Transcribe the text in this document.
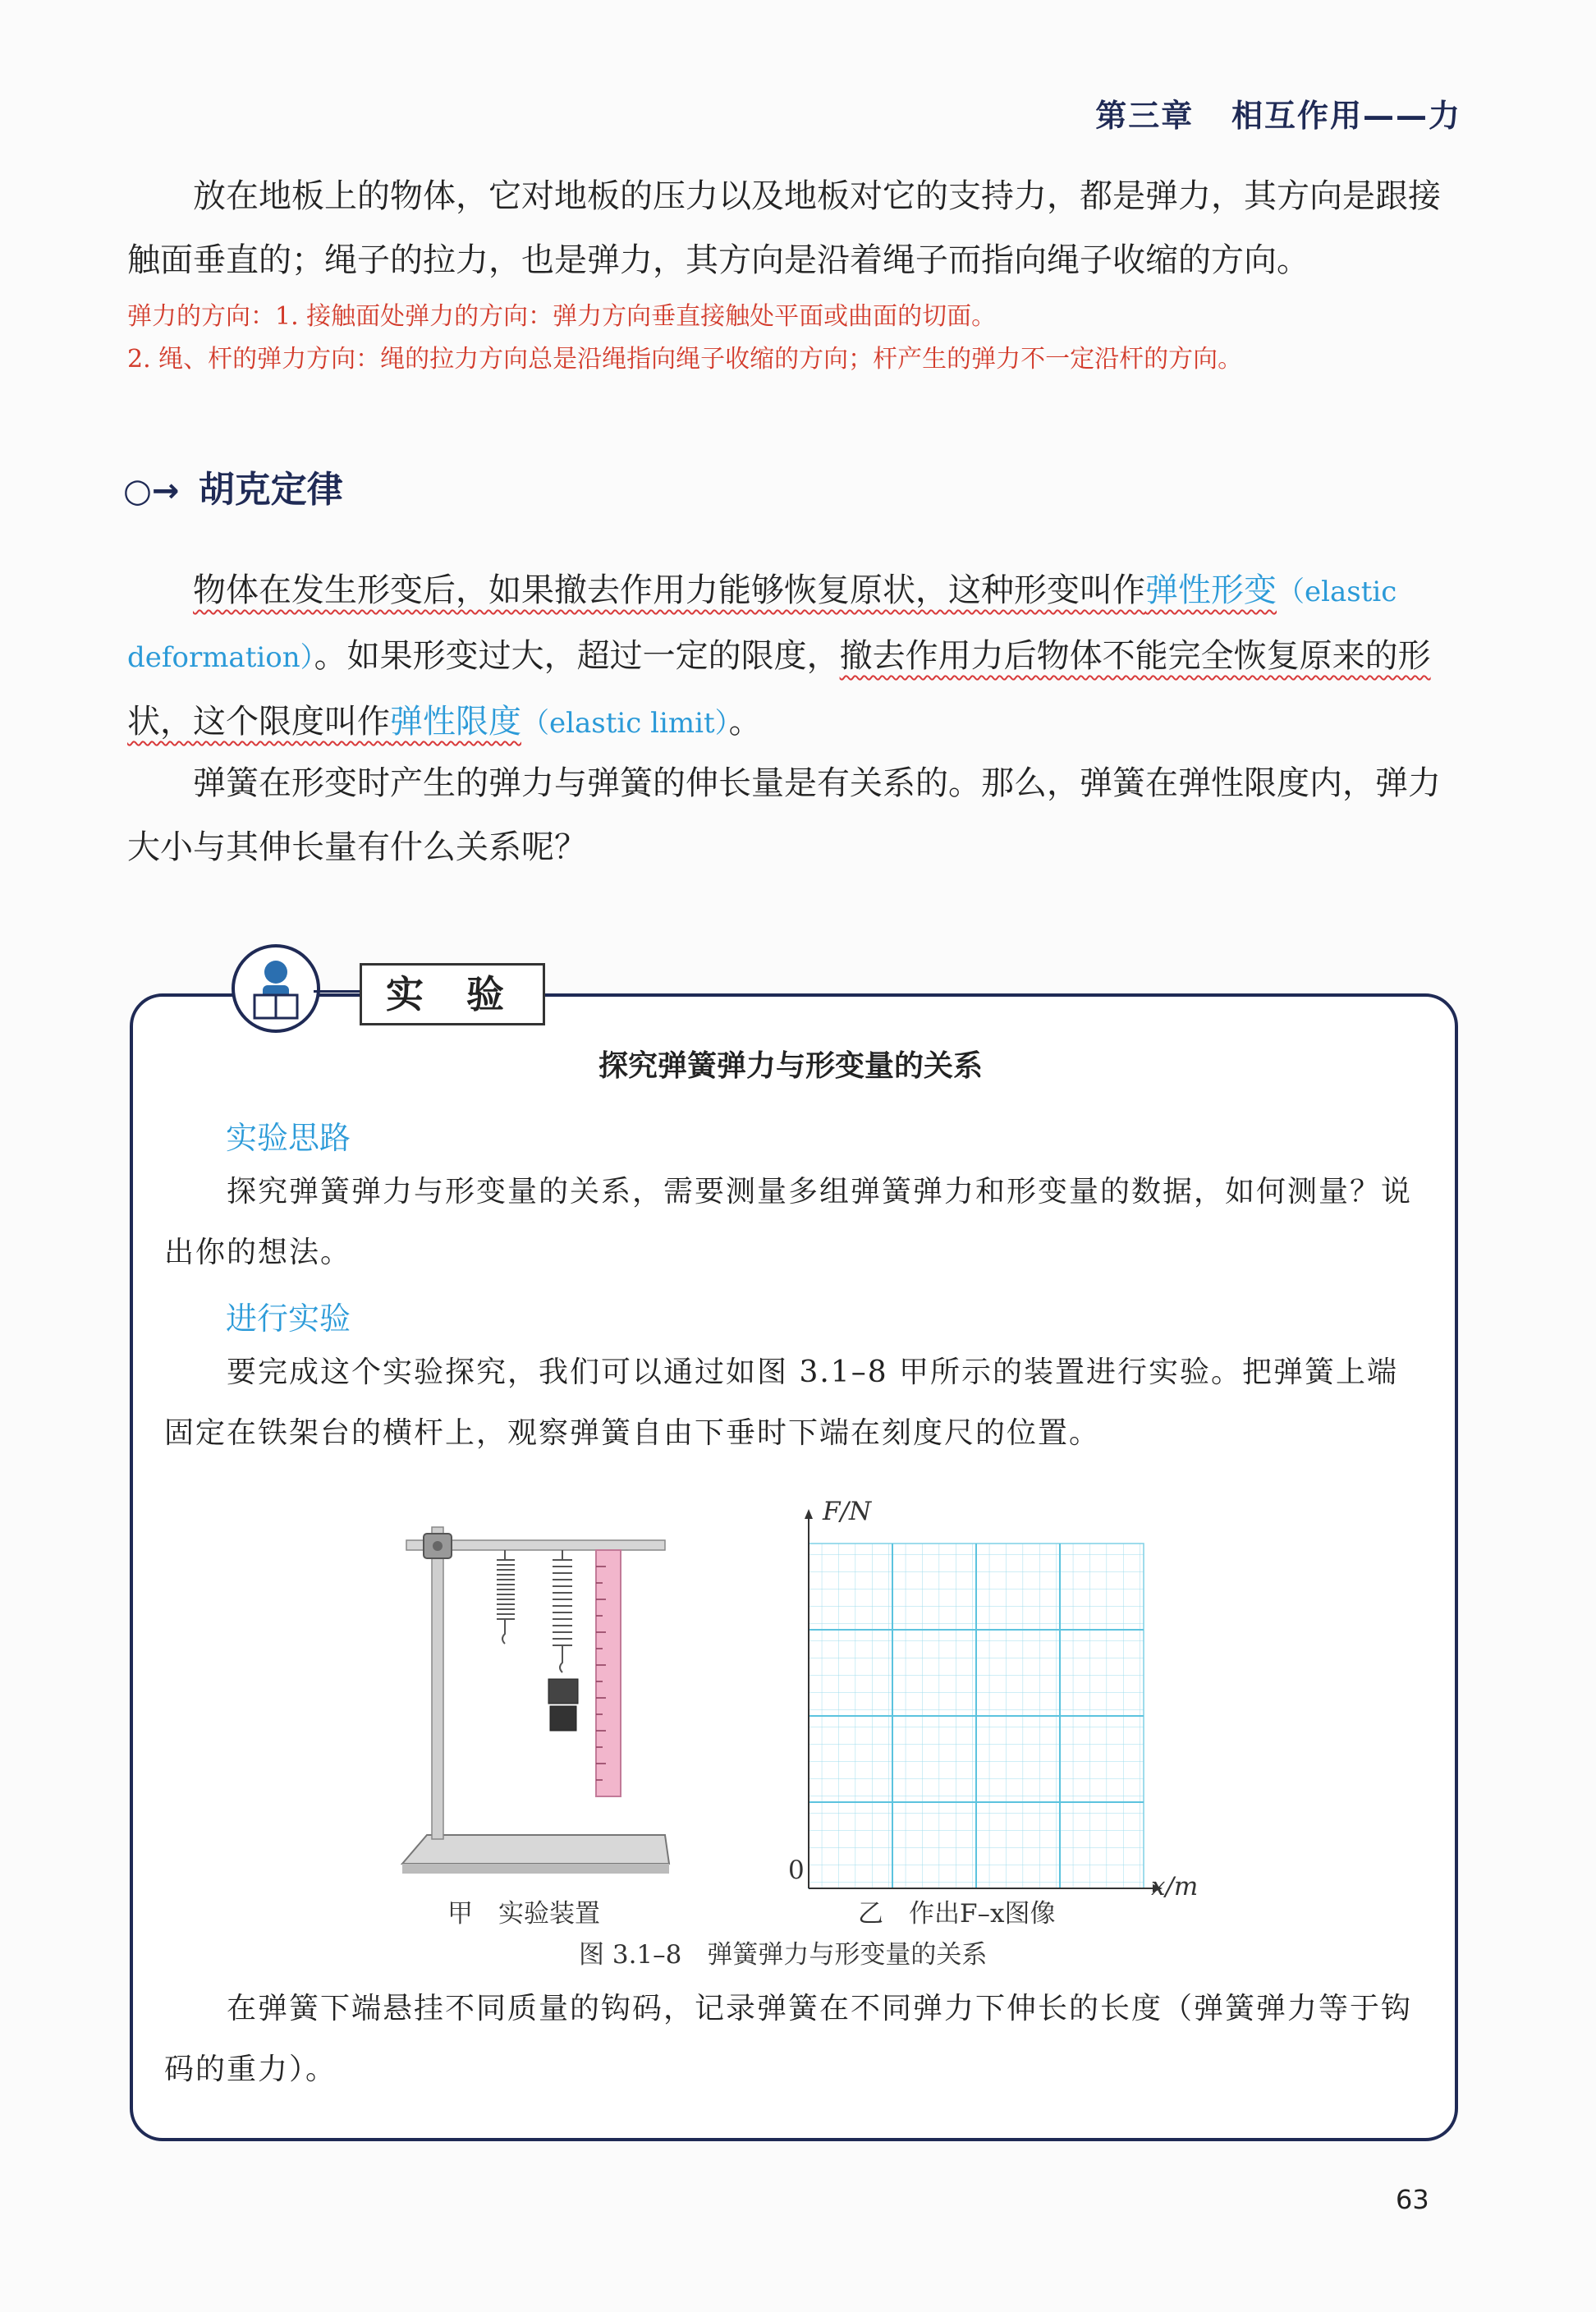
第三章 相互作用——力
放在地板上的物体，它对地板的压力以及地板对它的支持力，都是弹力，其方向是跟接触面垂直的；绳子的拉力，也是弹力，其方向是沿着绳子而指向绳子收缩的方向。
弹力的方向：1. 接触面处弹力的方向：弹力方向垂直接触处平面或曲面的切面。
2. 绳、杆的弹力方向：绳的拉力方向总是沿绳指向绳子收缩的方向；杆产生的弹力不一定沿杆的方向。
○→ 胡克定律
物体在发生形变后，如果撤去作用力能够恢复原状，这种形变叫作弹性形变（elastic deformation）。如果形变过大，超过一定的限度，撤去作用力后物体不能完全恢复原来的形状，这个限度叫作弹性限度（elastic limit）。
弹簧在形变时产生的弹力与弹簧的伸长量是有关系的。那么，弹簧在弹性限度内，弹力大小与其伸长量有什么关系呢？
实 验
探究弹簧弹力与形变量的关系
实验思路
探究弹簧弹力与形变量的关系，需要测量多组弹簧弹力和形变量的数据，如何测量？说出你的想法。
进行实验
要完成这个实验探究，我们可以通过如图 3.1–8 甲所示的装置进行实验。把弹簧上端固定在铁架台的横杆上，观察弹簧自由下垂时下端在刻度尺的位置。
F/N
x/m
0
甲　实验装置	乙　作出F–x图像
图 3.1–8　弹簧弹力与形变量的关系
在弹簧下端悬挂不同质量的钩码，记录弹簧在不同弹力下伸长的长度（弹簧弹力等于钩码的重力）。
63
